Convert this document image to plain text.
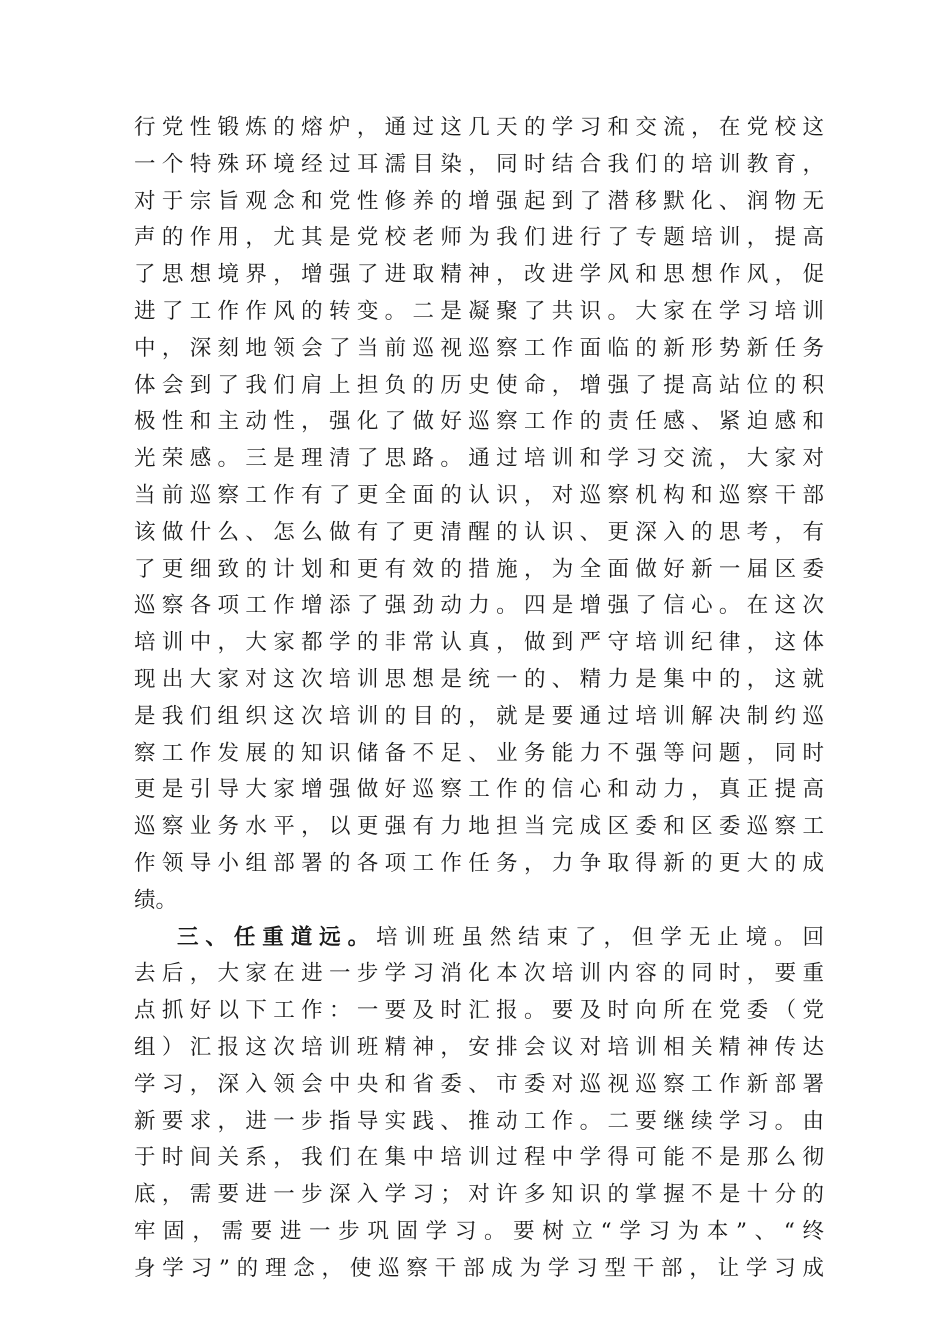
行党性锻炼的熔炉，通过这几天的学习和交流，在党校这
一个特殊环境经过耳濡目染，同时结合我们的培训教育，
对于宗旨观念和党性修养的增强起到了潜移默化、润物无
声的作用，尤其是党校老师为我们进行了专题培训，提高
了思想境界，增强了进取精神，改进学风和思想作风，促
进了工作作风的转变。二是凝聚了共识。大家在学习培训
中，深刻地领会了当前巡视巡察工作面临的新形势新任务
体会到了我们肩上担负的历史使命，增强了提高站位的积
极性和主动性，强化了做好巡察工作的责任感、紧迫感和
光荣感。三是理清了思路。通过培训和学习交流，大家对
当前巡察工作有了更全面的认识，对巡察机构和巡察干部
该做什么、怎么做有了更清醒的认识、更深入的思考，有
了更细致的计划和更有效的措施，为全面做好新一届区委
巡察各项工作增添了强劲动力。四是增强了信心。在这次
培训中，大家都学的非常认真，做到严守培训纪律，这体
现出大家对这次培训思想是统一的、精力是集中的，这就
是我们组织这次培训的目的，就是要通过培训解决制约巡
察工作发展的知识储备不足、业务能力不强等问题，同时
更是引导大家增强做好巡察工作的信心和动力，真正提高
巡察业务水平，以更强有力地担当完成区委和区委巡察工
作领导小组部署的各项工作任务，力争取得新的更大的成
绩。
三、任重道远。培训班虽然结束了，但学无止境。回
去后，大家在进一步学习消化本次培训内容的同时，要重
点抓好以下工作：一要及时汇报。要及时向所在党委（党
组）汇报这次培训班精神，安排会议对培训相关精神传达
学习，深入领会中央和省委、市委对巡视巡察工作新部署
新要求，进一步指导实践、推动工作。二要继续学习。由
于时间关系，我们在集中培训过程中学得可能不是那么彻
底，需要进一步深入学习；对许多知识的掌握不是十分的
牢固，需要进一步巩固学习。要树立“学习为本”、“终
身学习”的理念，使巡察干部成为学习型干部，让学习成
